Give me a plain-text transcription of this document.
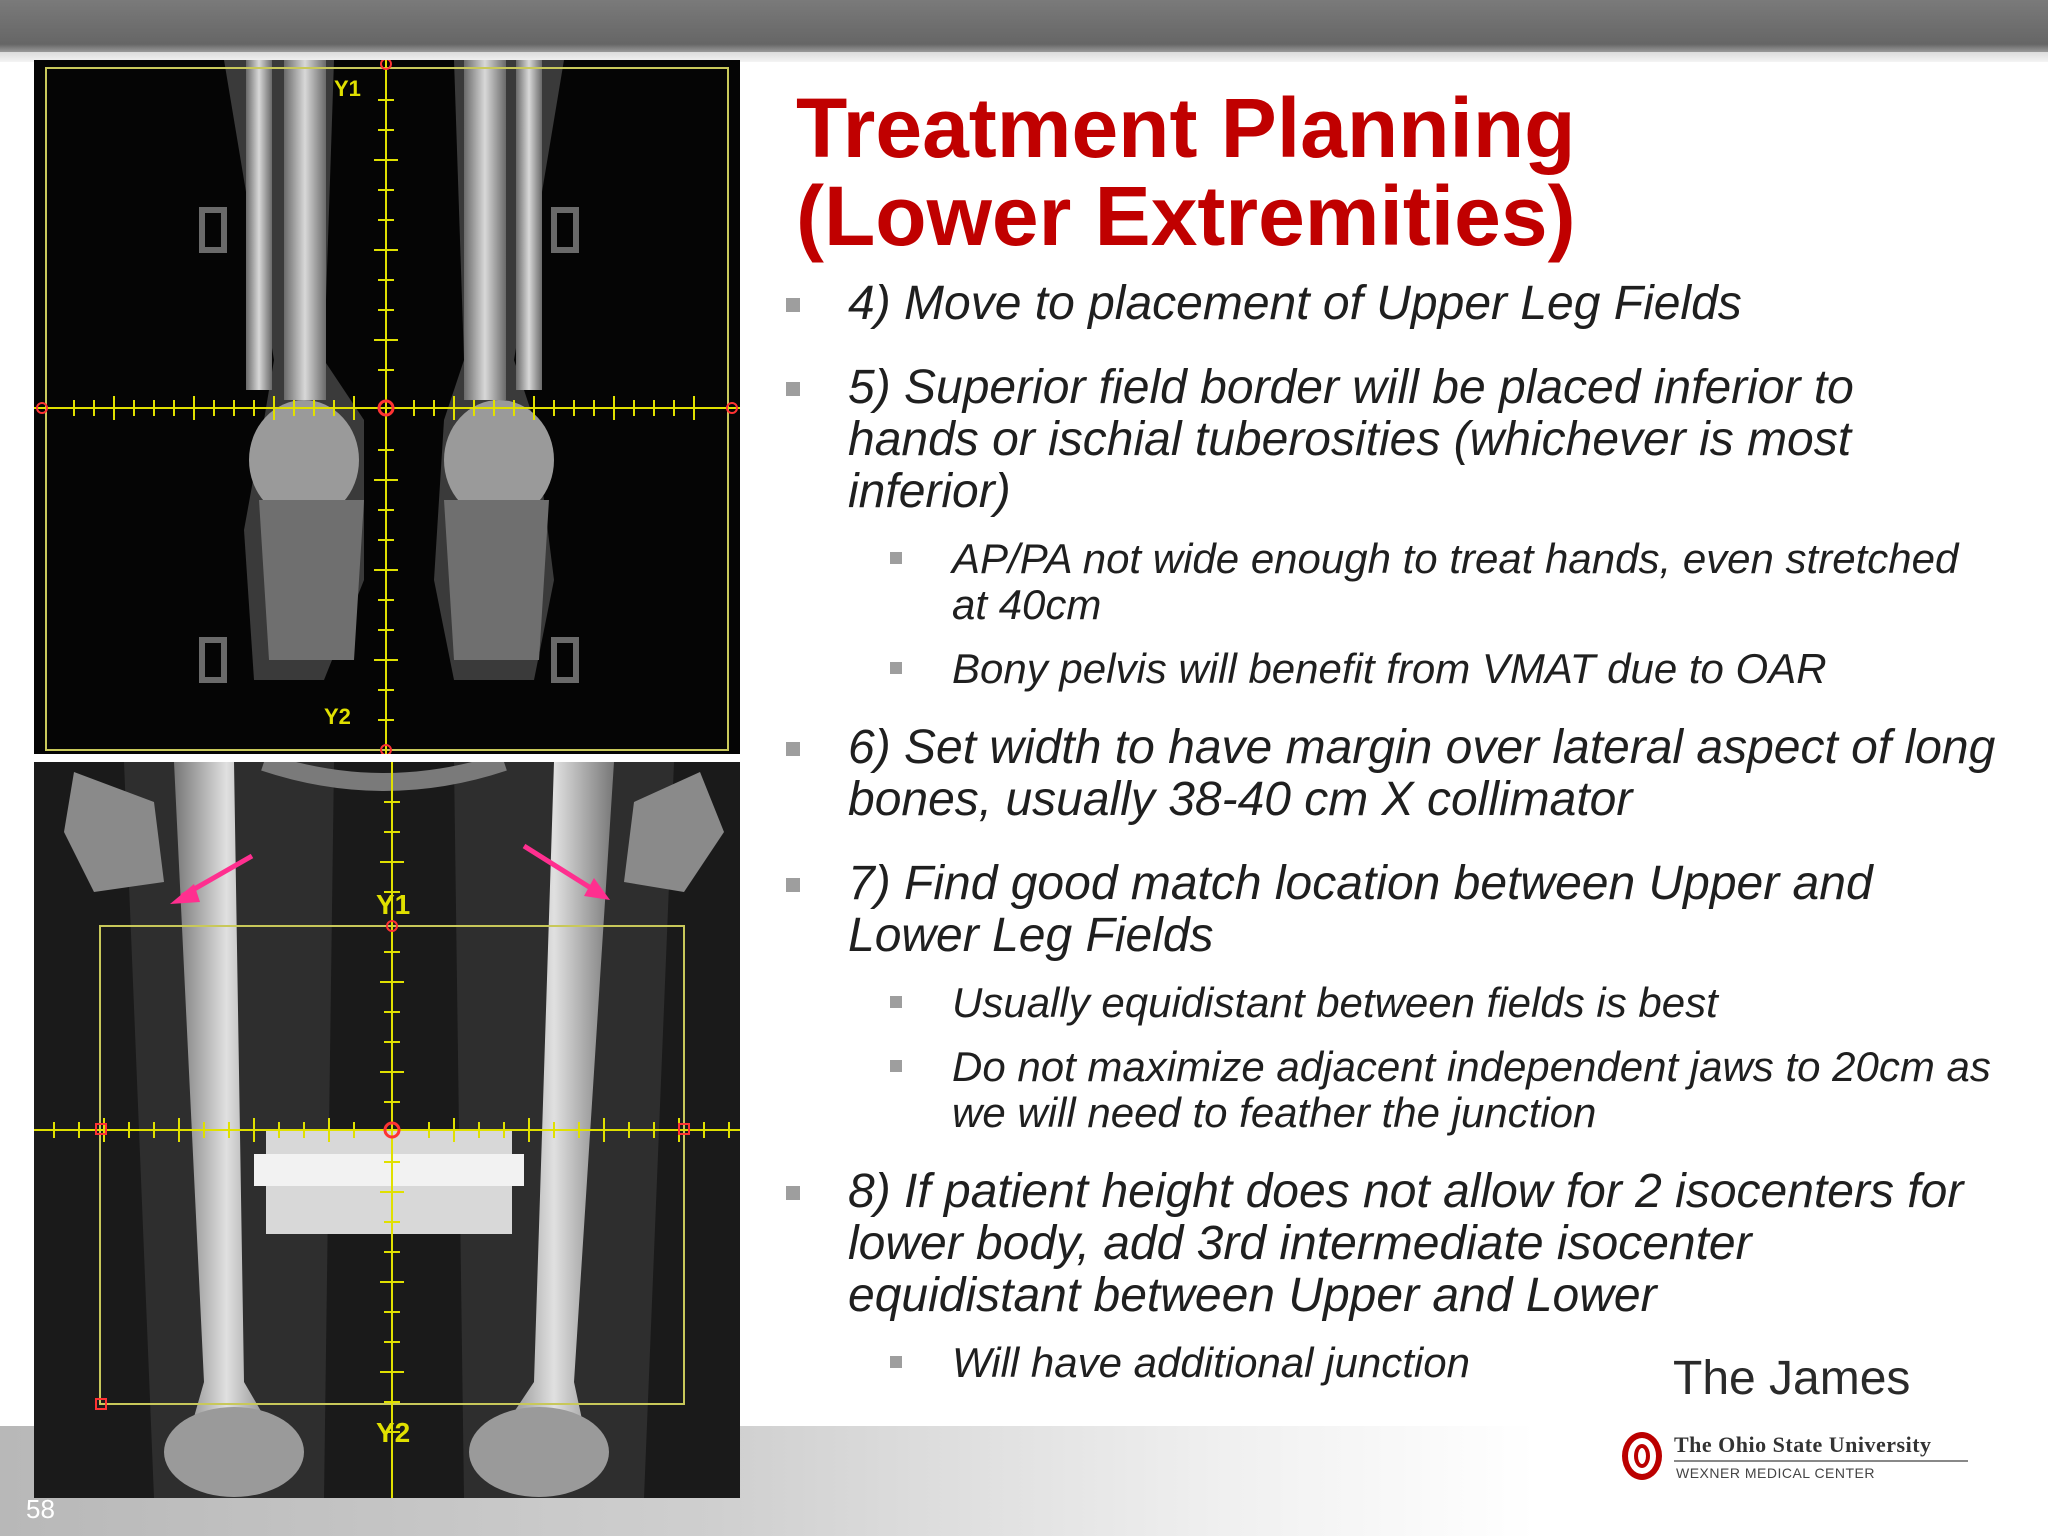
Y1
Y2
Y1
Y2
58
Treatment Planning
(Lower Extremities)
4) Move to placement of Upper Leg Fields
5) Superior field border will be placed inferior to hands or ischial tuberosities (whichever is most inferior)
AP/PA not wide enough to treat hands, even stretched at 40cm
Bony pelvis will benefit from VMAT due to OAR
6) Set width to have margin over lateral aspect of long bones, usually 38-40 cm X collimator
7) Find good match location between Upper and Lower Leg Fields
Usually equidistant between fields is best
Do not maximize adjacent independent jaws to 20cm as we will need to feather the junction
8) If patient height does not allow for 2 isocenters for lower body, add 3rd intermediate isocenter equidistant between Upper and Lower
Will have additional junction	The James
The Ohio State University
WEXNER MEDICAL CENTER
